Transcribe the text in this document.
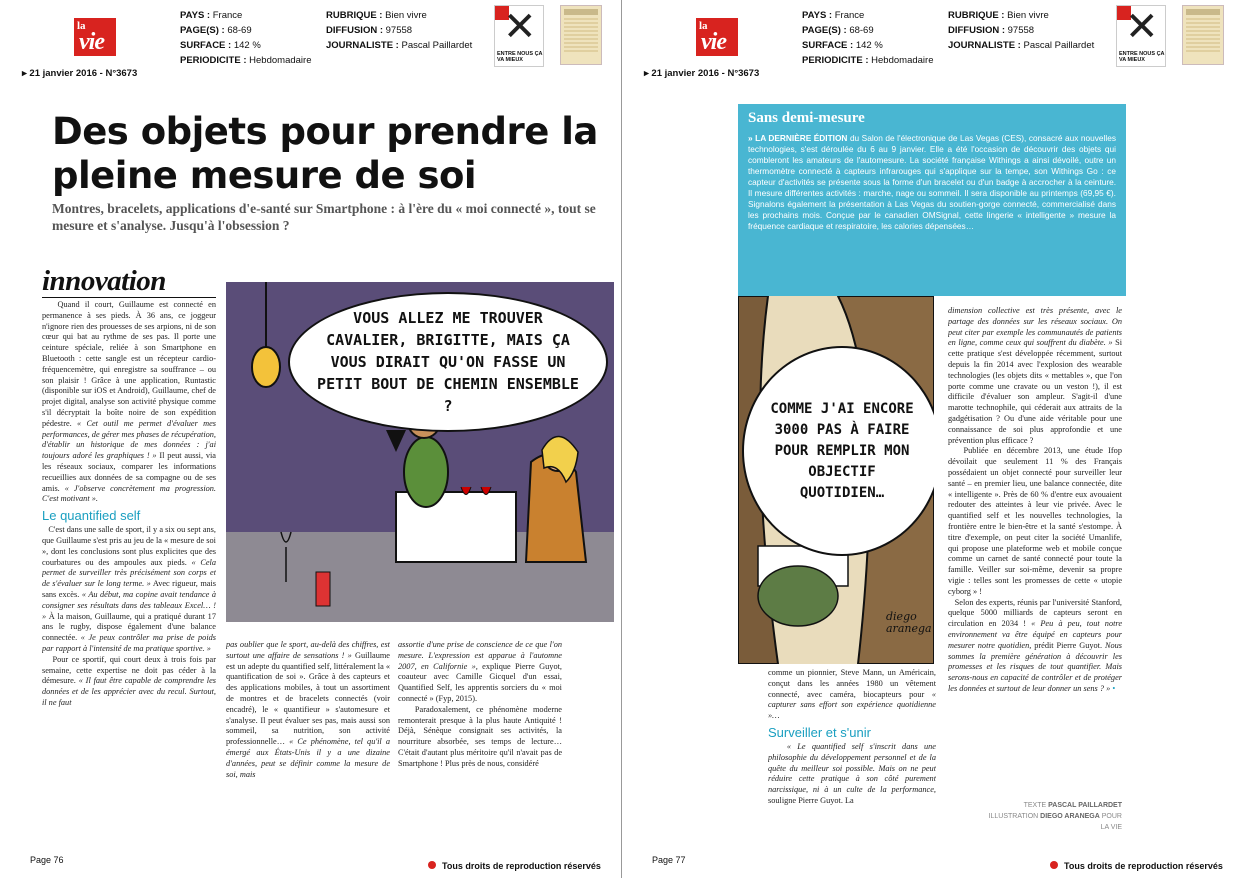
la
vie
PAYS : France
PAGE(S) : 68-69
SURFACE : 142 %
PERIODICITE : Hebdomadaire
RUBRIQUE : Bien vivre
DIFFUSION : 97558
JOURNALISTE : Pascal Paillardet
▸ 21 janvier 2016 - N°3673
✕
ENTRE NOUS ÇA VA MIEUX
Des objets pour prendre la pleine mesure de soi
Montres, bracelets, applications d'e-santé sur Smartphone : à l'ère du « moi connecté », tout se mesure et s'analyse. Jusqu'à l'obsession ?
innovation

Quand il court, Guillaume est connecté en permanence à ses pieds. À 36 ans, ce joggeur n'ignore rien des prouesses de ses arpions, ni de son cœur qui bat au rythme de ses pas. Il porte une ceinture spéciale, reliée à son Smartphone en Bluetooth : cette sangle est un récepteur cardio-fréquencemètre, qui enregistre sa souffrance – ou son plaisir ! Grâce à une application, Runtastic (disponible sur iOS et Android), Guillaume, chef de projet digital, analyse son activité physique comme s'il décryptait la boîte noire de son expédition pédestre. « Cet outil me permet d'évaluer mes performances, de gérer mes phases de récupération, d'établir un historique de mes données : j'ai toujours adoré les graphiques ! » Il peut aussi, via les réseaux sociaux, comparer les informations recueillies aux données de sa compagne ou de ses amis. « J'observe concrètement ma progression. C'est motivant ».

Le quantified self

C'est dans une salle de sport, il y a six ou sept ans, que Guillaume s'est pris au jeu de la « mesure de soi », dont les conclusions sont plus explicites que des courbatures ou des ampoules aux pieds. « Cela permet de surveiller très précisément son corps et de s'évaluer sur le long terme. » Avec rigueur, mais sans excès. « Au début, ma copine avait tendance à consigner ses résultats dans des tableaux Excel… ! » À la maison, Guillaume, qui a pratiqué durant 17 ans le rugby, dispose également d'une balance connectée. « Je peux contrôler ma prise de poids par rapport à l'intensité de ma pratique sportive. »

Pour ce sportif, qui court deux à trois fois par semaine, cette expertise ne doit pas céder à la démesure. « Il faut être capable de comprendre les données et de les apprécier avec du recul. Surtout, il ne faut

VOUS ALLEZ ME TROUVER CAVALIER, BRIGITTE, MAIS ÇA VOUS DIRAIT QU'ON FASSE UN PETIT BOUT DE CHEMIN ENSEMBLE ?

pas oublier que le sport, au-delà des chiffres, est surtout une affaire de sensations ! » Guillaume est un adepte du quantified self, littéralement la « quantification de soi ». Grâce à des capteurs et des applications mobiles, à tout un assortiment de montres et de bracelets connectés (voir encadré), le « quantifieur » s'automesure et s'analyse. Il peut évaluer ses pas, mais aussi son sommeil, sa nutrition, son activité professionnelle… « Ce phénomène, tel qu'il a émergé aux États-Unis il y a une dizaine d'années, peut se définir comme la mesure de soi, mais

assortie d'une prise de conscience de ce que l'on mesure. L'expression est apparue à l'automne 2007, en Californie », explique Pierre Guyot, coauteur avec Camille Gicquel d'un essai, Quantified Self, les apprentis sorciers du « moi connecté » (Fyp, 2015).

Paradoxalement, ce phénomène moderne remonterait presque à la plus haute Antiquité ! Déjà, Sénèque consignait ses activités, la nourriture absorbée, ses temps de lecture… C'était d'autant plus méritoire qu'il n'avait pas de Smartphone ! Plus près de nous, considéré

Page 76
Tous droits de reproduction réservés
la
vie
PAYS : France
PAGE(S) : 68-69
SURFACE : 142 %
PERIODICITE : Hebdomadaire
RUBRIQUE : Bien vivre
DIFFUSION : 97558
JOURNALISTE : Pascal Paillardet
▸ 21 janvier 2016 - N°3673
✕
ENTRE NOUS ÇA VA MIEUX
Page 77
Tous droits de reproduction réservés
Sans demi-mesure
» LA DERNIÈRE ÉDITION du Salon de l'électronique de Las Vegas (CES), consacré aux nouvelles technologies, s'est déroulée du 6 au 9 janvier. Elle a été l'occasion de découvrir des objets qui combleront les amateurs de l'automesure. La société française Withings a ainsi dévoilé, outre un thermomètre connecté à capteurs infrarouges qui s'applique sur la tempe, son Withings Go : ce capteur d'activités se présente sous la forme d'un bracelet ou d'un badge à accrocher à la ceinture. Il mesure différentes activités : marche, nage ou sommeil. Il sera disponible au printemps (69,95 €). Signalons également la présentation à Las Vegas du soutien-gorge connecté, commercialisé dans les prochains mois. Conçue par le canadien OMSignal, cette lingerie « intelligente » mesure la fréquence cardiaque et respiratoire, les calories dépensées…
COMME J'AI ENCORE 3000 PAS À FAIRE POUR REMPLIR MON OBJECTIF QUOTIDIEN…
diego aranega

comme un pionnier, Steve Mann, un Américain, conçut dans les années 1980 un vêtement connecté, avec caméra, biocapteurs pour « capturer sans effort son expérience quotidienne »…

Surveiller et s'unir

« Le quantified self s'inscrit dans une philosophie du développement personnel et de la quête du meilleur soi possible. Mais on ne peut réduire cette pratique à son côté purement narcissique, ni à un culte de la performance, souligne Pierre Guyot. La

dimension collective est très présente, avec le partage des données sur les réseaux sociaux. On peut citer par exemple les communautés de patients en ligne, comme ceux qui souffrent du diabète. » Si cette pratique s'est développée récemment, surtout depuis la fin 2014 avec l'explosion des wearable technologies (les objets dits « mettables », que l'on porte comme une cravate ou un veston !), il est difficile d'évaluer son ampleur. S'agit-il d'une marotte technophile, qui céderait aux attraits de la gadgétisation ? Ou d'une aide véritable pour une connaissance de soi plus approfondie et une prévention plus efficace ?

Publiée en décembre 2013, une étude Ifop dévoilait que seulement 11 % des Français possédaient un objet connecté pour surveiller leur santé – en premier lieu, une balance connectée, dite « intelligente ». Près de 60 % d'entre eux avouaient redouter des atteintes à leur vie privée. Avec le quantified self et les nouvelles technologies, la frontière entre le bien-être et la santé s'estompe. À titre d'exemple, on peut citer la société Umanlife, qui propose une plateforme web et mobile conçue comme un carnet de santé connecté pour toute la famille. Veiller sur soi-même, devenir sa propre vigie : telles sont les promesses de cette « utopie cyborg » !

Selon des experts, réunis par l'université Stanford, quelque 5000 milliards de capteurs seront en circulation en 2034 ! « Peu à peu, tout notre environnement va être équipé en capteurs pour mesurer notre quotidien, prédit Pierre Guyot. Nous sommes la première génération à découvrir les promesses et les risques de tout quantifier. Mais serons-nous en capacité de contrôler et de protéger les données et surtout de leur donner un sens ? » •

TEXTE PASCAL PAILLARDET
ILLUSTRATION DIEGO ARANEGA POUR LA VIE
